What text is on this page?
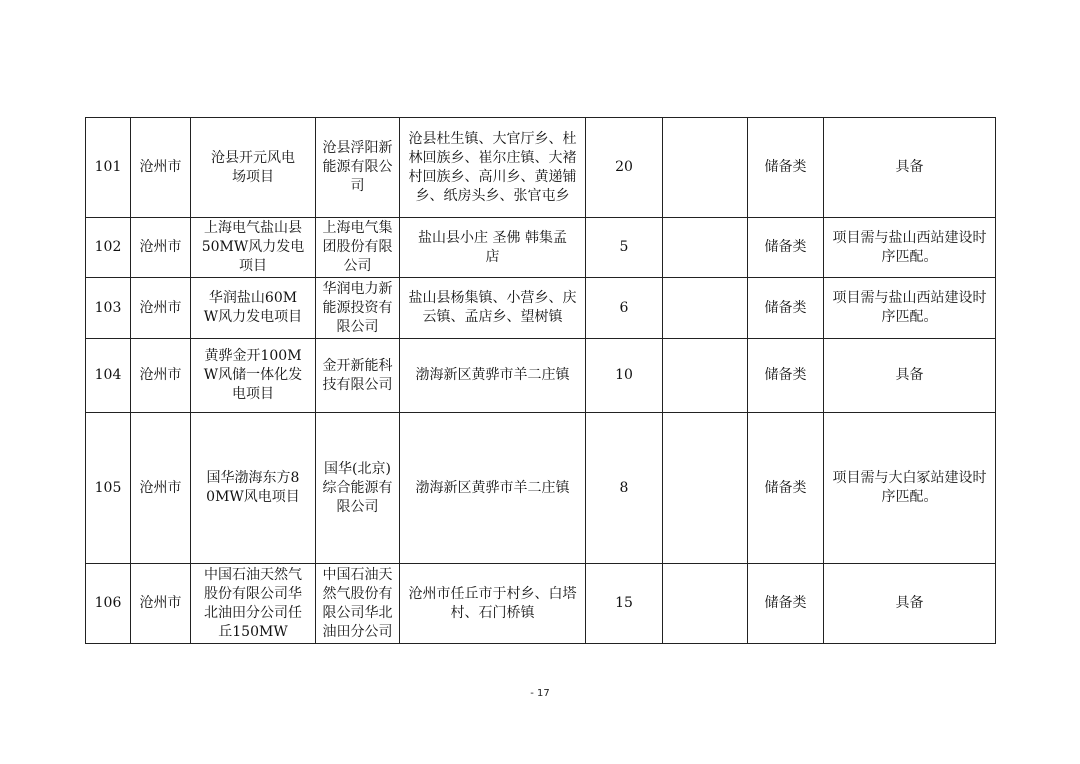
101	沧州市	沧县开元风电场项目	沧县浮阳新能源有限公司	沧县杜生镇、大官厅乡、杜林回族乡、崔尔庄镇、大褚村回族乡、高川乡、黄递铺乡、纸房头乡、张官屯乡	20		储备类	具备
102	沧州市	上海电气盐山县50MW风力发电项目	上海电气集团股份有限公司	盐山县小庄 圣佛 韩集孟店	5		储备类	项目需与盐山西站建设时序匹配。
103	沧州市	华润盐山60MW风力发电项目	华润电力新能源投资有限公司	盐山县杨集镇、小营乡、庆云镇、孟店乡、望树镇	6		储备类	项目需与盐山西站建设时序匹配。
104	沧州市	黄骅金开100MW风储一体化发电项目	金开新能科技有限公司	渤海新区黄骅市羊二庄镇	10		储备类	具备
105	沧州市	国华渤海东方80MW风电项目	国华(北京)综合能源有限公司	渤海新区黄骅市羊二庄镇	8		储备类	项目需与大白冢站建设时序匹配。
106	沧州市	中国石油天然气股份有限公司华北油田分公司任丘150MW	中国石油天然气股份有限公司华北油田分公司	沧州市任丘市于村乡、白塔村、石门桥镇	15		储备类	具备
- 17
